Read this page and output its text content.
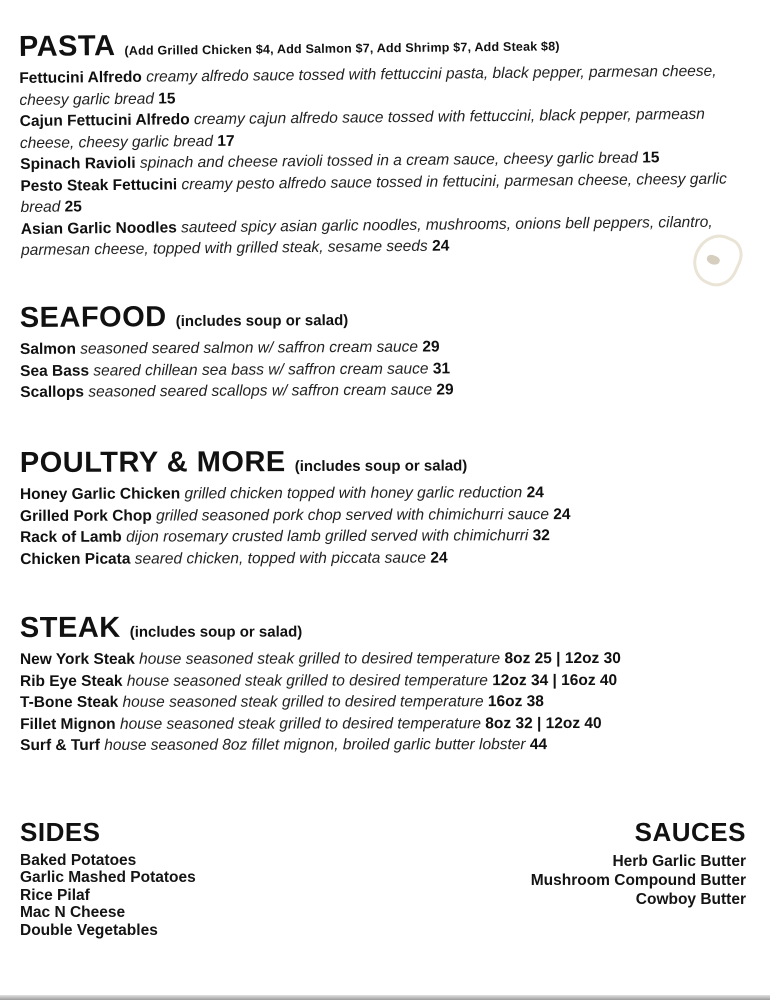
PASTA (Add Grilled Chicken $4, Add Salmon $7, Add Shrimp $7, Add Steak $8)

Fettucini Alfredo creamy alfredo sauce tossed with fettuccini pasta, black pepper, parmesan cheese, cheesy garlic bread 15

Cajun Fettucini Alfredo creamy cajun alfredo sauce tossed with fettuccini, black pepper, parmeasn cheese, cheesy garlic bread 17

Spinach Ravioli spinach and cheese ravioli tossed in a cream sauce, cheesy garlic bread 15

Pesto Steak Fettucini creamy pesto alfredo sauce tossed in fettucini, parmesan cheese, cheesy garlic bread 25

Asian Garlic Noodles sauteed spicy asian garlic noodles, mushrooms, onions bell peppers, cilantro, parmesan cheese, topped with grilled steak, sesame seeds 24

SEAFOOD (includes soup or salad)

Salmon seasoned seared salmon w/ saffron cream sauce 29

Sea Bass seared chillean sea bass w/ saffron cream sauce 31

Scallops seasoned seared scallops w/ saffron cream sauce 29

POULTRY & MORE (includes soup or salad)

Honey Garlic Chicken grilled chicken topped with honey garlic reduction 24

Grilled Pork Chop grilled seasoned pork chop served with chimichurri sauce 24

Rack of Lamb dijon rosemary crusted lamb grilled served with chimichurri 32

Chicken Picata seared chicken, topped with piccata sauce 24

STEAK (includes soup or salad)

New York Steak house seasoned steak grilled to desired temperature 8oz 25 | 12oz 30

Rib Eye Steak house seasoned steak grilled to desired temperature 12oz 34 | 16oz 40

T-Bone Steak house seasoned steak grilled to desired temperature 16oz 38

Fillet Mignon house seasoned steak grilled to desired temperature 8oz 32 | 12oz 40

Surf & Turf house seasoned 8oz fillet mignon, broiled garlic butter lobster 44

SIDES

Baked Potatoes

Garlic Mashed Potatoes

Rice Pilaf

Mac N Cheese

Double Vegetables

SAUCES

Herb Garlic Butter

Mushroom Compound Butter

Cowboy Butter
